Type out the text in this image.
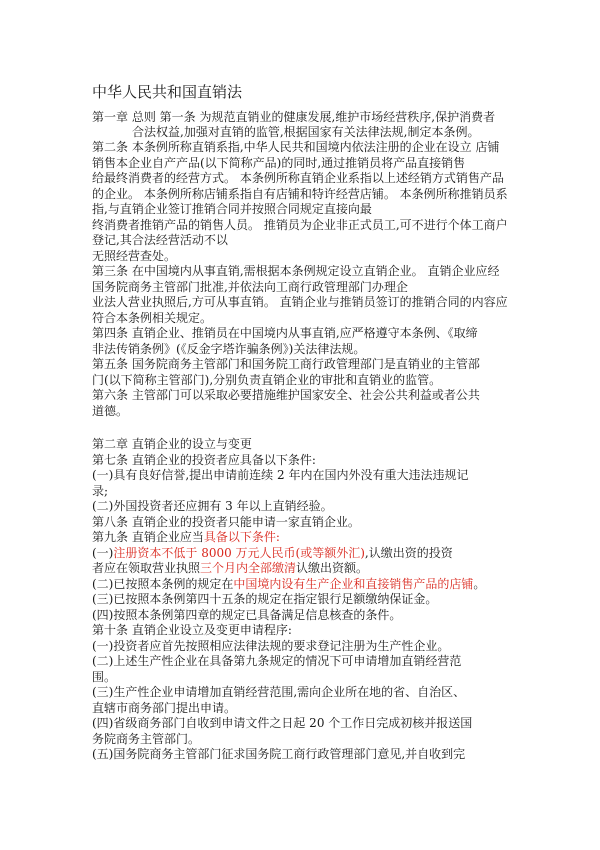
中华人民共和国直销法
第一章 总则 第一条 为规范直销业的健康发展,维护市场经营秩序,保护消费者
合法权益,加强对直销的监管,根据国家有关法律法规,制定本条例。
第二条 本条例所称直销系指,中华人民共和国境内依法注册的企业在设立 店铺
销售本企业自产产品(以下简称产品)的同时,通过推销员将产品直接销售
给最终消费者的经营方式。 本条例所称直销企业系指以上述经销方式销售产品
的企业。 本条例所称店铺系指自有店铺和特许经营店铺。 本条例所称推销员系
指,与直销企业签订推销合同并按照合同规定直接向最
终消费者推销产品的销售人员。 推销员为企业非正式员工,可不进行个体工商户
登记,其合法经营活动不以
无照经营查处。
第三条 在中国境内从事直销,需根据本条例规定设立直销企业。 直销企业应经
国务院商务主管部门批准,并依法向工商行政管理部门办理企
业法人营业执照后,方可从事直销。 直销企业与推销员签订的推销合同的内容应
符合本条例相关规定。
第四条 直销企业、推销员在中国境内从事直销,应严格遵守本条例、《取缔
非法传销条例》(《反金字塔诈骗条例》)关法律法规。
第五条 国务院商务主管部门和国务院工商行政管理部门是直销业的主管部
门(以下简称主管部门),分别负责直销企业的审批和直销业的监管。
第六条 主管部门可以采取必要措施维护国家安全、社会公共利益或者公共
道德。
第二章 直销企业的设立与变更
第七条 直销企业的投资者应具备以下条件:
(一)具有良好信誉,提出申请前连续 2 年内在国内外没有重大违法违规记
录;
(二)外国投资者还应拥有 3 年以上直销经验。
第八条 直销企业的投资者只能申请一家直销企业。
第九条 直销企业应当具备以下条件:
(一)注册资本不低于 8000 万元人民币(或等额外汇),认缴出资的投资
者应在领取营业执照三个月内全部缴清认缴出资额。
(二)已按照本条例的规定在中国境内设有生产企业和直接销售产品的店铺。
(三)已按照本条例第四十五条的规定在指定银行足额缴纳保证金。
(四)按照本条例第四章的规定已具备满足信息核查的条件。
第十条 直销企业设立及变更申请程序:
(一)投资者应首先按照相应法律法规的要求登记注册为生产性企业。
(二)上述生产性企业在具备第九条规定的情况下可申请增加直销经营范
围。
(三)生产性企业申请增加直销经营范围,需向企业所在地的省、自治区、
直辖市商务部门提出申请。
(四)省级商务部门自收到申请文件之日起 20 个工作日完成初核并报送国
务院商务主管部门。
(五)国务院商务主管部门征求国务院工商行政管理部门意见,并自收到完
